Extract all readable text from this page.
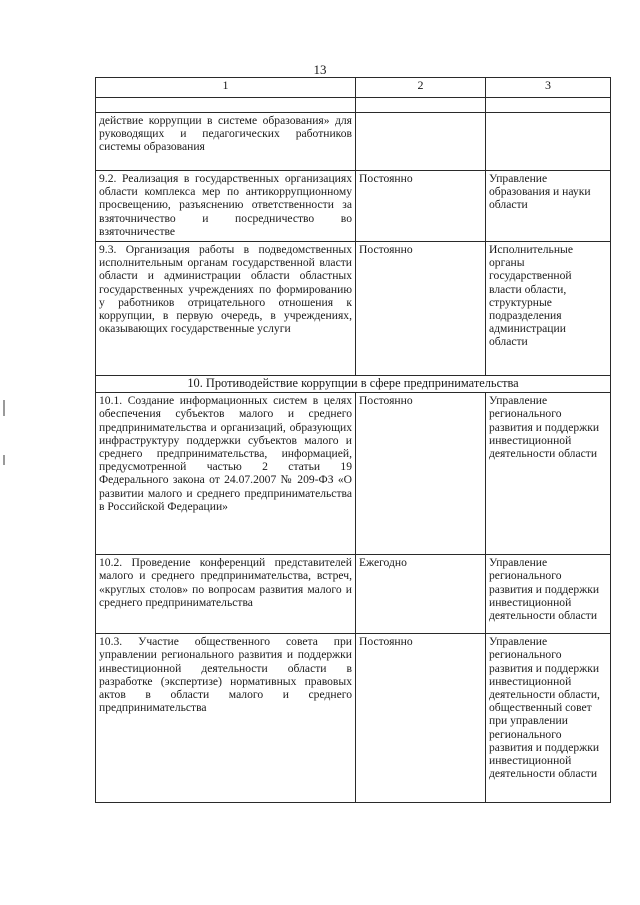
13
1	2	3

действие коррупции в системе образования» для руководящих и педагогических работников системы образования		
9.2. Реализация в государственных организациях области комплекса мер по антикоррупционному просвещению, разъяснению ответственности за взяточничество и посредничество во взяточничестве	Постоянно	Управление образования и науки области
9.3. Организация работы в подведомственных исполнительным органам государственной власти области и администрации области областных государственных учреждениях по формированию у работников отрицательного отношения к коррупции, в первую очередь, в учреждениях, оказывающих государственные услуги	Постоянно	Исполнительные органы государственной власти области, структурные подразделения администрации области
10. Противодействие коррупции в сфере предпринимательства		
10.1. Создание информационных систем в целях обеспечения субъектов малого и среднего предпринимательства и организаций, образующих инфраструктуру поддержки субъектов малого и среднего предпринимательства, информацией, предусмотренной частью 2 статьи 19 Федерального закона от 24.07.2007 № 209-ФЗ «О развитии малого и среднего предпринимательства в Российской Федерации»	Постоянно	Управление регионального развития и поддержки инвестиционной деятельности области
10.2. Проведение конференций представителей малого и среднего предпринимательства, встреч, «круглых столов» по вопросам развития малого и среднего предпринимательства	Ежегодно	Управление регионального развития и поддержки инвестиционной деятельности области
10.3. Участие общественного совета при управлении регионального развития и поддержки инвестиционной деятельности области в разработке (экспертизе) нормативных правовых актов в области малого и среднего предпринимательства	Постоянно	Управление регионального развития и поддержки инвестиционной деятельности области, общественный совет при управлении регионального развития и поддержки инвестиционной деятельности области
